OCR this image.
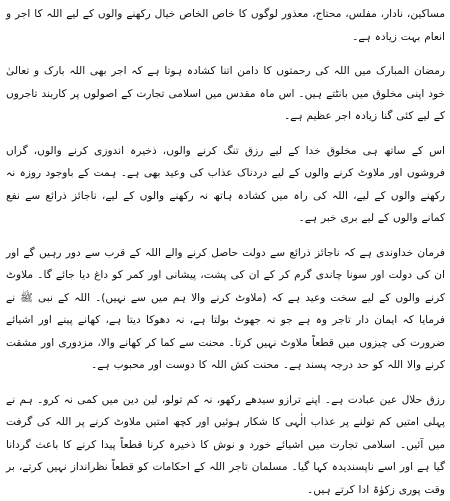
مساکین، نادار، مفلس، محتاج، معذور لوگوں کا خاص الخاص خیال رکھنے والوں کے لیے اللہ کا اجر و انعام بہت زیادہ ہے۔

رمضان المبارک میں اللہ کی رحمتوں کا دامن اتنا کشادہ ہوتا ہے کہ اجر بھی اللہ بارک و تعالیٰ خود اپنی مخلوق میں بانٹتے ہیں۔ اس ماہ مقدس میں اسلامی تجارت کے اصولوں پر کاربند تاجروں کے لیے کئی گنا زیادہ اجر عظیم ہے۔

اس کے ساتھ ہی مخلوق خدا کے لیے رزق تنگ کرنے والوں، ذخیرہ اندوزی کرنے والوں، گراں فروشوں اور ملاوٹ کرنے والوں کے لیے دردناک عذاب کی وعید بھی ہے۔ ہمت کے باوجود روزہ نہ رکھنے والوں کے لیے، اللہ کی راہ میں کشادہ ہاتھ نہ رکھنے والوں کے لیے، ناجائز ذرائع سے نفع کمانے والوں کے لیے بری خبر ہے۔

فرمان خداوندی ہے کہ ناجائز ذرائع سے دولت حاصل کرنے والے اللہ کے قرب سے دور رہیں گے اور ان کی دولت اور سونا چاندی گرم کر کے ان کی پشت، پیشانی اور کمر کو داغ دیا جائے گا۔ ملاوٹ کرنے والوں کے لیے سخت وعید ہے کہ (ملاوٹ کرنے والا ہم میں سے نہیں)۔ اللہ کے نبی ﷺ نے فرمایا کہ ایمان دار تاجر وہ ہے جو نہ جھوٹ بولتا ہے، نہ دھوکا دیتا ہے، کھانے پینے اور اشیائے ضرورت کی چیزوں میں قطعاً ملاوٹ نہیں کرتا۔ محنت سے کما کر کھانے والا، مزدوری اور مشقت کرنے والا اللہ کو حد درجہ پسند ہے۔ محنت کش اللہ کا دوست اور محبوب ہے۔

رزق حلال عین عبادت ہے۔ اپنے ترازو سیدھے رکھو، نہ کم تولو، لین دین میں کمی نہ کرو۔ ہم نے پہلی امتیں کم تولنے پر عذاب الٰہی کا شکار ہوئیں اور کچھ امتیں ملاوٹ کرنے پر اللہ کی گرفت میں آئیں۔ اسلامی تجارت میں اشیائے خورد و نوش کا ذخیرہ کرنا قطعاً پیدا کرنے کا باعث گردانا گیا ہے اور اسے ناپسندیدہ کہا گیا۔ مسلمان تاجر اللہ کے احکامات کو قطعاً نظرانداز نہیں کرتے، بر وقت پوری زکوٰۃ ادا کرتے ہیں۔
